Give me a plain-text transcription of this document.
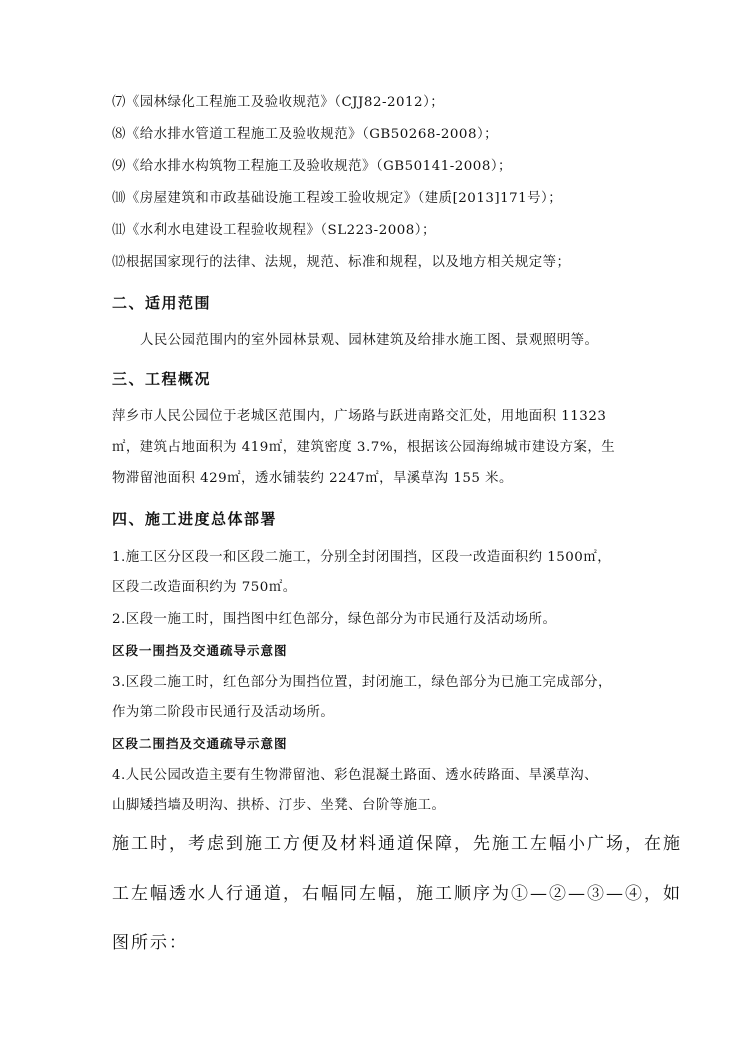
⑺《园林绿化工程施工及验收规范》（CJJ82-2012）；
⑻《给水排水管道工程施工及验收规范》（GB50268-2008）；
⑼《给水排水构筑物工程施工及验收规范》（GB50141-2008）；
⑽《房屋建筑和市政基础设施工程竣工验收规定》（建质[2013]171号）；
⑾《水利水电建设工程验收规程》（SL223-2008）；
⑿根据国家现行的法律、法规，规范、标准和规程，以及地方相关规定等；
二、适用范围
人民公园范围内的室外园林景观、园林建筑及给排水施工图、景观照明等。
三、工程概况
萍乡市人民公园位于老城区范围内，广场路与跃进南路交汇处，用地面积 11323
㎡，建筑占地面积为 419㎡，建筑密度 3.7%，根据该公园海绵城市建设方案，生
物滞留池面积 429㎡，透水铺装约 2247㎡，旱溪草沟 155 米。
四、施工进度总体部署
1.施工区分区段一和区段二施工，分别全封闭围挡，区段一改造面积约 1500㎡，
区段二改造面积约为 750㎡。
2.区段一施工时，围挡图中红色部分，绿色部分为市民通行及活动场所。
区段一围挡及交通疏导示意图
3.区段二施工时，红色部分为围挡位置，封闭施工，绿色部分为已施工完成部分，
作为第二阶段市民通行及活动场所。
区段二围挡及交通疏导示意图
4.人民公园改造主要有生物滞留池、彩色混凝土路面、透水砖路面、旱溪草沟、
山脚矮挡墙及明沟、拱桥、汀步、坐凳、台阶等施工。
施工时，考虑到施工方便及材料通道保障，先施工左幅小广场，在施
工左幅透水人行通道，右幅同左幅，施工顺序为①—②—③—④，如
图所示：
